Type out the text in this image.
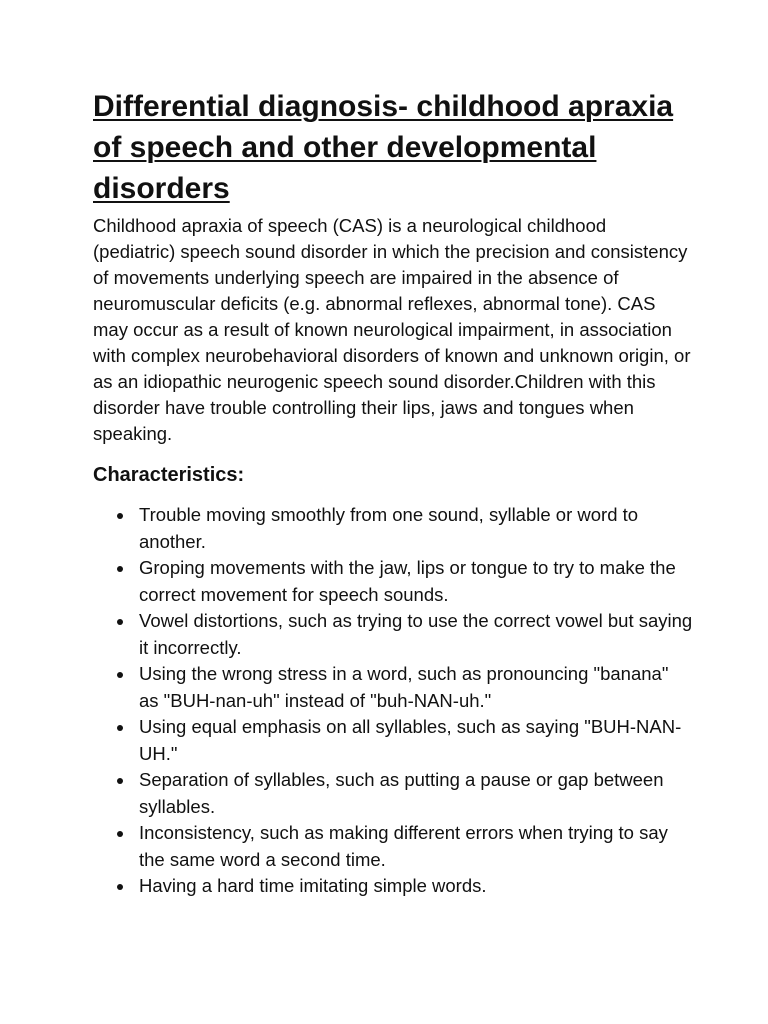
Differential diagnosis- childhood apraxia of speech and other developmental disorders

Childhood apraxia of speech (CAS) is a neurological childhood (pediatric) speech sound disorder in which the precision and consistency of movements underlying speech are impaired in the absence of neuromuscular deficits (e.g. abnormal reflexes, abnormal tone). CAS may occur as a result of known neurological impairment, in association with complex neurobehavioral disorders of known and unknown origin, or as an idiopathic neurogenic speech sound disorder.Children with this disorder have trouble controlling their lips, jaws and tongues when speaking.

Characteristics:
Trouble moving smoothly from one sound, syllable or word to another.
Groping movements with the jaw, lips or tongue to try to make the correct movement for speech sounds.
Vowel distortions, such as trying to use the correct vowel but saying it incorrectly.
Using the wrong stress in a word, such as pronouncing "banana" as "BUH-nan-uh" instead of "buh-NAN-uh."
Using equal emphasis on all syllables, such as saying "BUH-NAN-UH."
Separation of syllables, such as putting a pause or gap between syllables.
Inconsistency, such as making different errors when trying to say the same word a second time.
Having a hard time imitating simple words.
